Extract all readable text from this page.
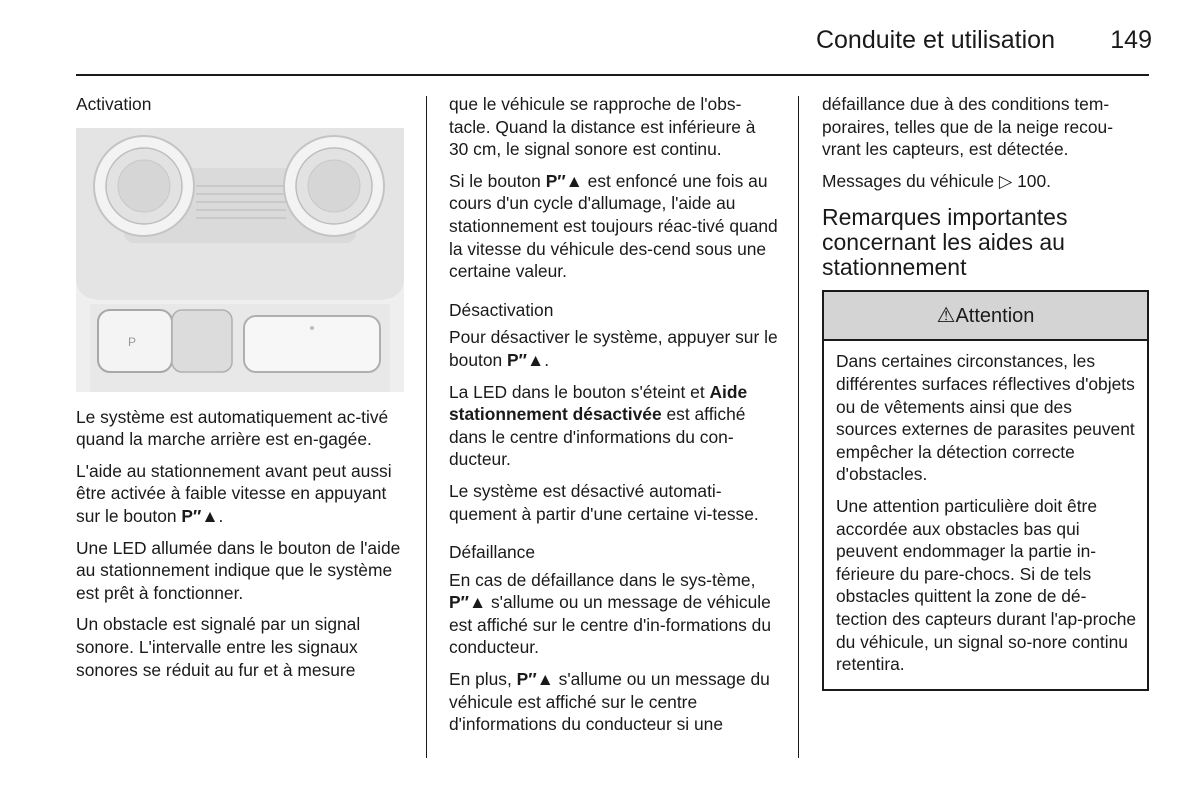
Conduite et utilisation 149
Activation
P

Le système est automatiquement ac-tivé quand la marche arrière est en-gagée.

L'aide au stationnement avant peut aussi être activée à faible vitesse en appuyant sur le bouton P′′▲.

Une LED allumée dans le bouton de l'aide au stationnement indique que le système est prêt à fonctionner.

Un obstacle est signalé par un signal sonore. L'intervalle entre les signaux sonores se réduit au fur et à mesure

que le véhicule se rapproche de l'obs-tacle. Quand la distance est inférieure à 30 cm, le signal sonore est continu.

Si le bouton P′′▲ est enfoncé une fois au cours d'un cycle d'allumage, l'aide au stationnement est toujours réac-tivé quand la vitesse du véhicule des-cend sous une certaine valeur.

Désactivation

Pour désactiver le système, appuyer sur le bouton P′′▲.

La LED dans le bouton s'éteint et Aide stationnement désactivée est affiché dans le centre d'informations du con-ducteur.

Le système est désactivé automati-quement à partir d'une certaine vi-tesse.

Défaillance

En cas de défaillance dans le sys-tème, P′′▲ s'allume ou un message de véhicule est affiché sur le centre d'in-formations du conducteur.

En plus, P′′▲ s'allume ou un message du véhicule est affiché sur le centre d'informations du conducteur si une

défaillance due à des conditions tem-poraires, telles que de la neige recou-vrant les capteurs, est détectée.

Messages du véhicule ▷ 100.

Remarques importantes concernant les aides au stationnement
⚠ Attention

Dans certaines circonstances, les différentes surfaces réflectives d'objets ou de vêtements ainsi que des sources externes de parasites peuvent empêcher la détection correcte d'obstacles.

Une attention particulière doit être accordée aux obstacles bas qui peuvent endommager la partie in-férieure du pare-chocs. Si de tels obstacles quittent la zone de dé-tection des capteurs durant l'ap-proche du véhicule, un signal so-nore continu retentira.
